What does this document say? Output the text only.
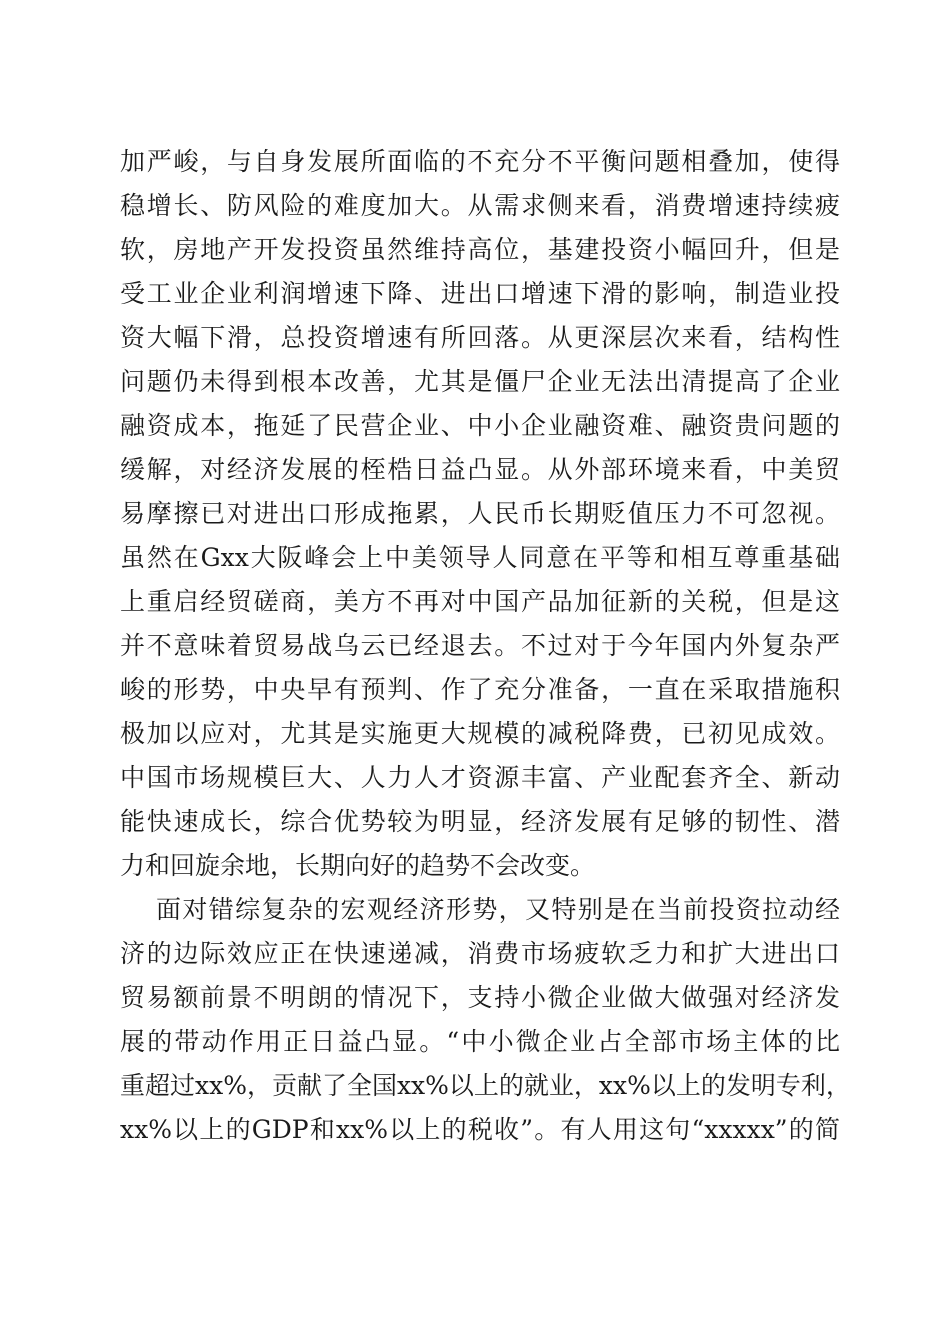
加严峻，与自身发展所面临的不充分不平衡问题相叠加，使得
稳增长、防风险的难度加大。从需求侧来看，消费增速持续疲
软，房地产开发投资虽然维持高位，基建投资小幅回升，但是
受工业企业利润增速下降、进出口增速下滑的影响，制造业投
资大幅下滑，总投资增速有所回落。从更深层次来看，结构性
问题仍未得到根本改善，尤其是僵尸企业无法出清提高了企业
融资成本，拖延了民营企业、中小企业融资难、融资贵问题的
缓解，对经济发展的桎梏日益凸显。从外部环境来看，中美贸
易摩擦已对进出口形成拖累，人民币长期贬值压力不可忽视。
虽然在Gxx大阪峰会上中美领导人同意在平等和相互尊重基础
上重启经贸磋商，美方不再对中国产品加征新的关税，但是这
并不意味着贸易战乌云已经退去。不过对于今年国内外复杂严
峻的形势，中央早有预判、作了充分准备，一直在采取措施积
极加以应对，尤其是实施更大规模的减税降费，已初见成效。
中国市场规模巨大、人力人才资源丰富、产业配套齐全、新动
能快速成长，综合优势较为明显，经济发展有足够的韧性、潜
力和回旋余地，长期向好的趋势不会改变。
面对错综复杂的宏观经济形势，又特别是在当前投资拉动经
济的边际效应正在快速递减，消费市场疲软乏力和扩大进出口
贸易额前景不明朗的情况下，支持小微企业做大做强对经济发
展的带动作用正日益凸显。“中小微企业占全部市场主体的比
重超过xx%，贡献了全国xx%以上的就业，xx%以上的发明专利，
xx%以上的GDP和xx%以上的税收”。有人用这句“xxxxx”的简
